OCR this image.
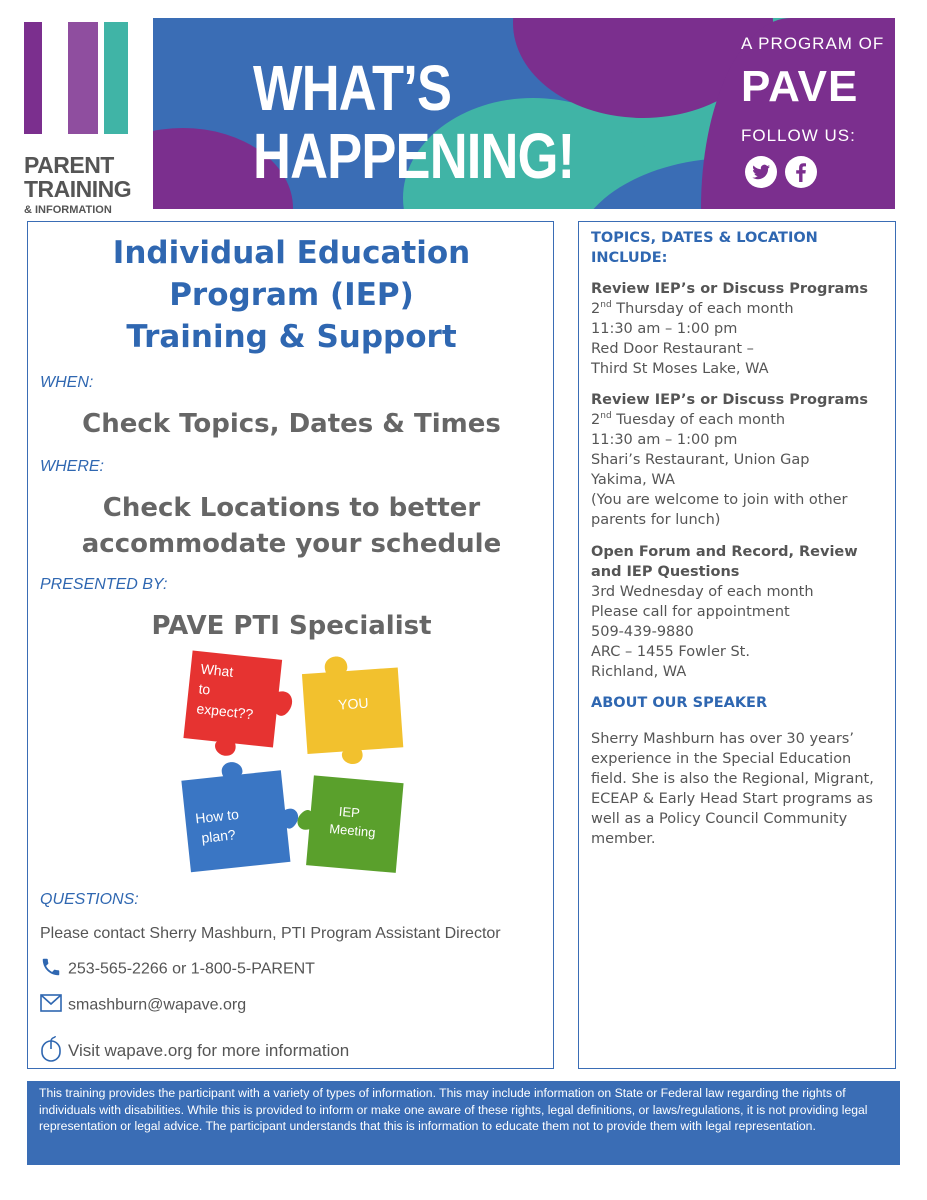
PARENT
TRAINING
& INFORMATION
WHAT’S
HAPPENING!
A PROGRAM OF
PAVE
FOLLOW US:
Individual Education
Program (IEP)
Training & Support
WHEN:
Check Topics, Dates & Times
WHERE:
Check Locations to better
accommodate your schedule
PRESENTED BY:
PAVE PTI Specialist
What
to
expect??	YOU
How to
plan?
IEP
Meeting
QUESTIONS:
Please contact Sherry Mashburn, PTI Program Assistant Director
253-565-2266 or 1-800-5-PARENT
smashburn@wapave.org
Visit wapave.org for more information
TOPICS, DATES & LOCATION
INCLUDE:
Review IEP’s or Discuss Programs
2nd Thursday of each month
11:30 am – 1:00 pm
Red Door Restaurant –
Third St Moses Lake, WA
Review IEP’s or Discuss Programs
2nd Tuesday of each month
11:30 am – 1:00 pm
Shari’s Restaurant, Union Gap
Yakima, WA
(You are welcome to join with other
parents for lunch)
Open Forum and Record, Review
and IEP Questions
3rd Wednesday of each month
Please call for appointment
509-439-9880
ARC – 1455 Fowler St.
Richland, WA
ABOUT OUR SPEAKER
Sherry Mashburn has over 30 years’ experience in the Special Education field. She is also the Regional, Migrant, ECEAP & Early Head Start programs as well as a Policy Council Community member.
This training provides the participant with a variety of types of information. This may include information on State or Federal law regarding the rights of individuals with disabilities. While this is provided to inform or make one aware of these rights, legal definitions, or laws/regulations, it is not providing legal representation or legal advice. The participant understands that this is information to educate them not to provide them with legal representation.
